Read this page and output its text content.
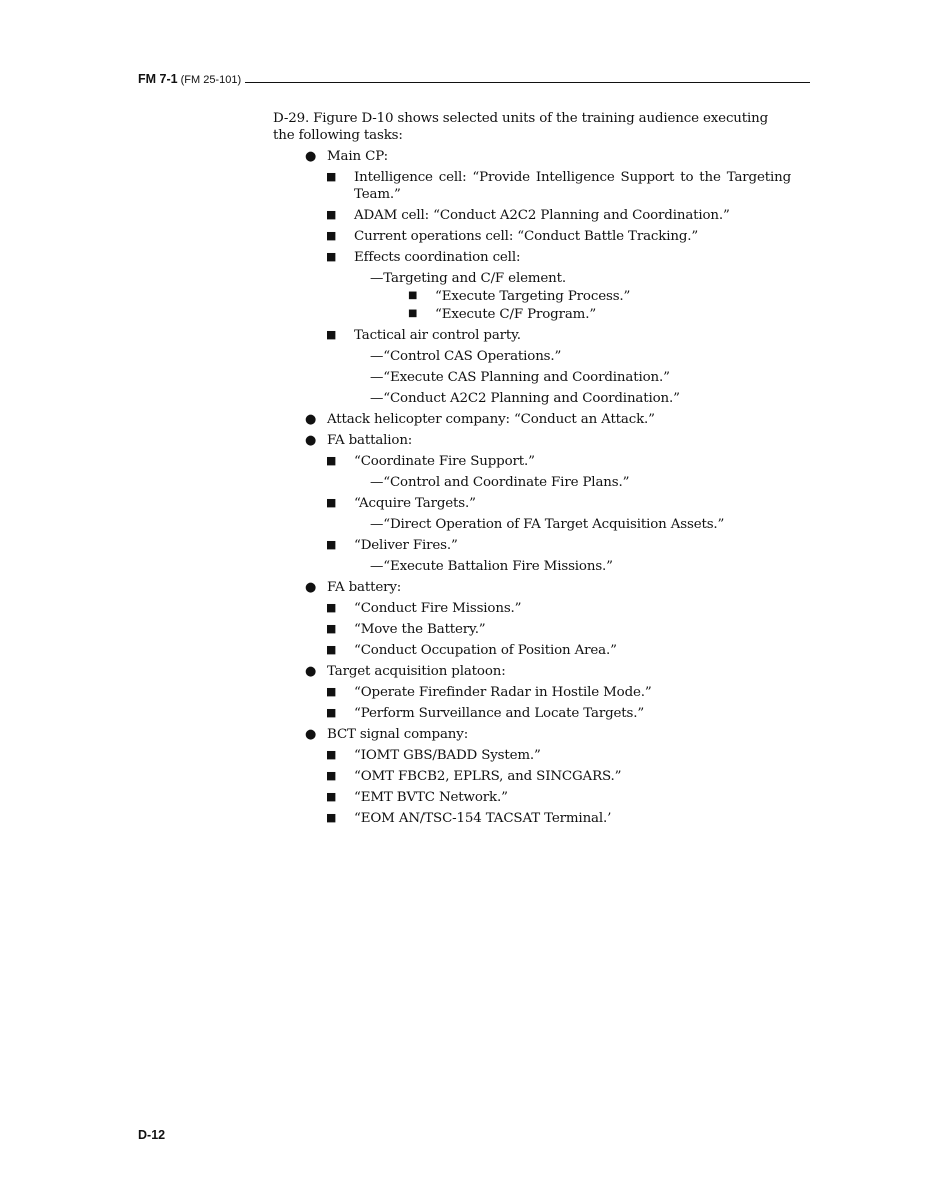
FM 7-1 (FM 25-101)

D-29. Figure D-10 shows selected units of the training audience executing the following tasks:

● Main CP:
■	Intelligence cell: “Provide Intelligence Support to the Targeting Team.”
■	ADAM cell: “Conduct A2C2 Planning and Coordination.”
■	Current operations cell: “Conduct Battle Tracking.”
■	Effects coordination cell:
—Targeting and C/F element.
■	“Execute Targeting Process.”
■	“Execute C/F Program.”
■	Tactical air control party.
—“Control CAS Operations.”
—“Execute CAS Planning and Coordination.”
—“Conduct A2C2 Planning and Coordination.”
● Attack helicopter company: “Conduct an Attack.”
● FA battalion:
■	“Coordinate Fire Support.”
—“Control and Coordinate Fire Plans.”
■	“Acquire Targets.”
—“Direct Operation of FA Target Acquisition Assets.”
■	“Deliver Fires.”
—“Execute Battalion Fire Missions.”
● FA battery:
■	“Conduct Fire Missions.”
■	“Move the Battery.”
■	“Conduct Occupation of Position Area.”
● Target acquisition platoon:
■	“Operate Firefinder Radar in Hostile Mode.”
■	“Perform Surveillance and Locate Targets.”
● BCT signal company:
■	“IOMT GBS/BADD System.”
■	“OMT FBCB2, EPLRS, and SINCGARS.”
■	“EMT BVTC Network.”
■	“EOM AN/TSC-154 TACSAT Terminal.’
D-12
